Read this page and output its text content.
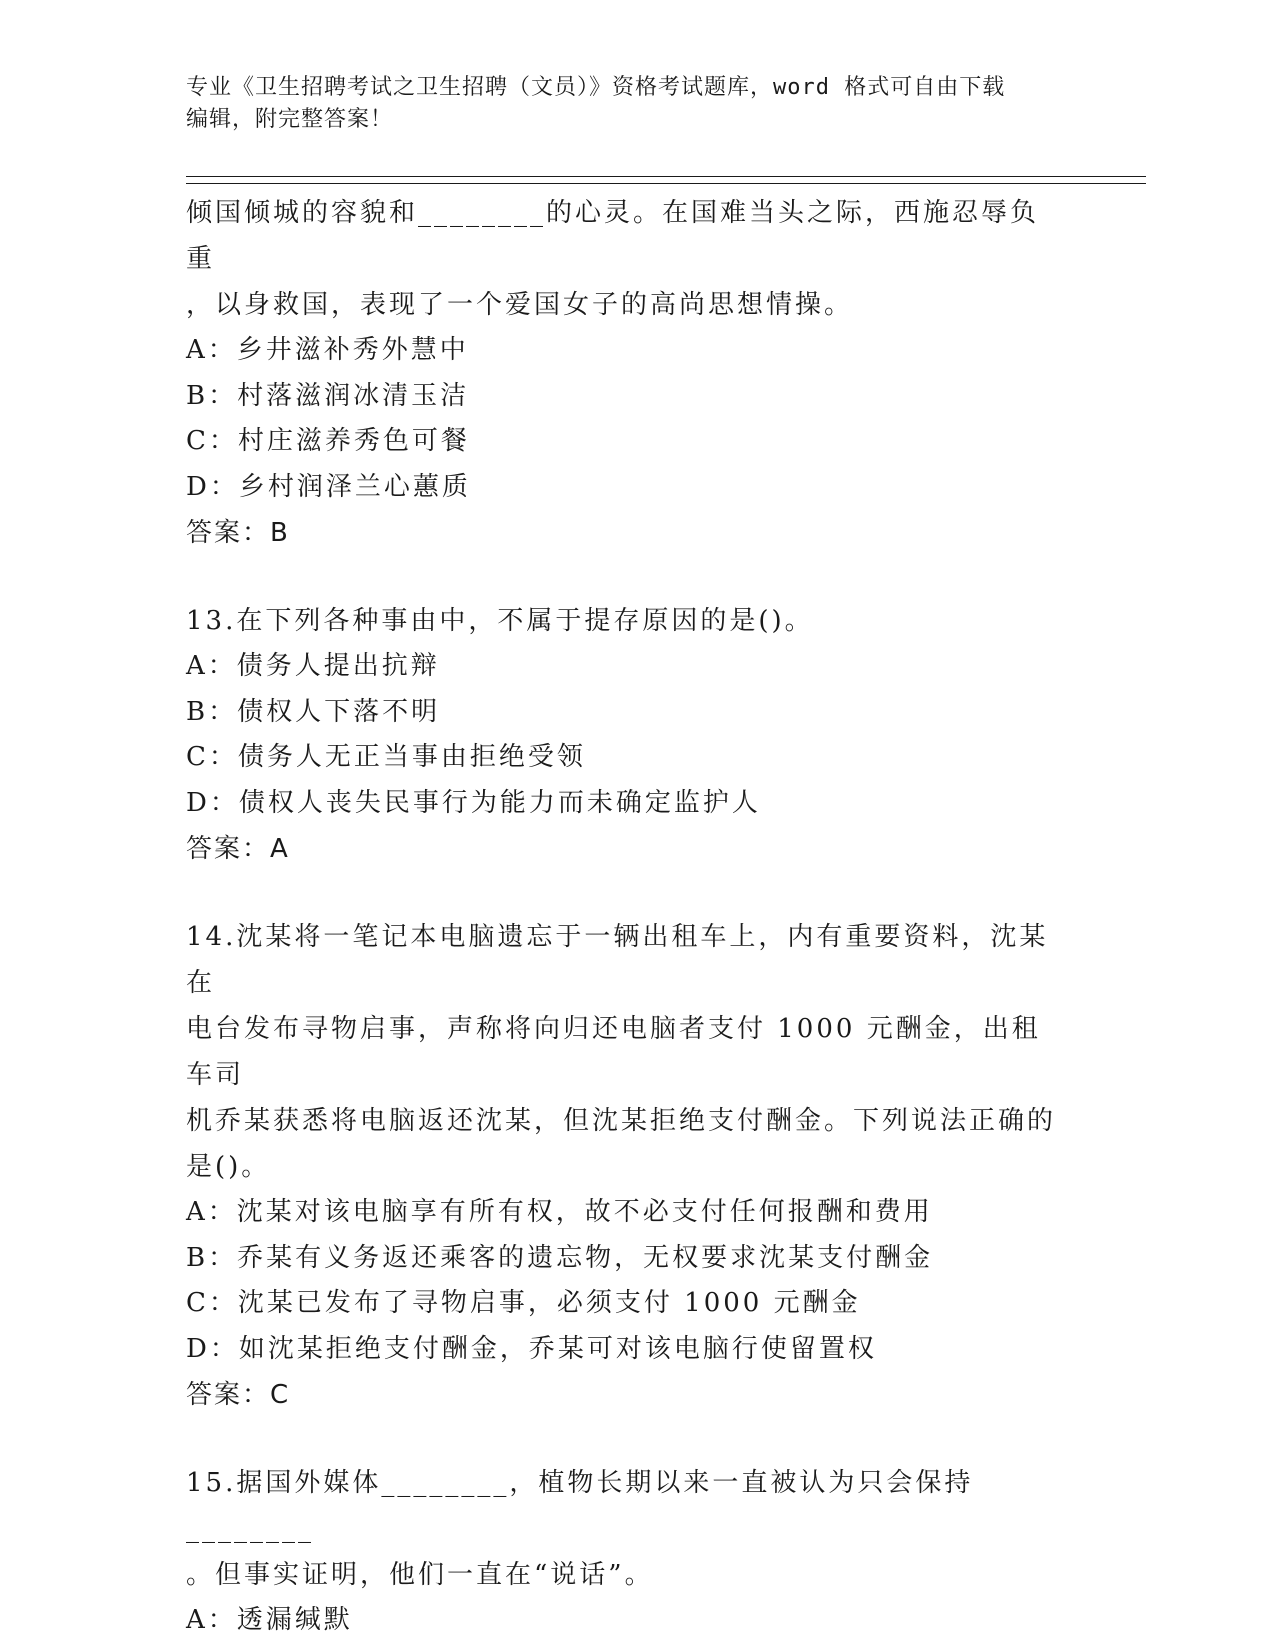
专业《卫生招聘考试之卫生招聘（文员）》资格考试题库，word 格式可自由下载
编辑，附完整答案！

倾国倾城的容貌和________的心灵。在国难当头之际，西施忍辱负重

，以身救国，表现了一个爱国女子的高尚思想情操。

A：乡井滋补秀外慧中

B：村落滋润冰清玉洁

C：村庄滋养秀色可餐

D：乡村润泽兰心蕙质

答案：B

13.在下列各种事由中，不属于提存原因的是()。

A：债务人提出抗辩

B：债权人下落不明

C：债务人无正当事由拒绝受领

D：债权人丧失民事行为能力而未确定监护人

答案：A

14.沈某将一笔记本电脑遗忘于一辆出租车上，内有重要资料，沈某在

电台发布寻物启事，声称将向归还电脑者支付 1000 元酬金，出租车司

机乔某获悉将电脑返还沈某，但沈某拒绝支付酬金。下列说法正确的

是()。

A：沈某对该电脑享有所有权，故不必支付任何报酬和费用

B：乔某有义务返还乘客的遗忘物，无权要求沈某支付酬金

C：沈某已发布了寻物启事，必须支付 1000 元酬金

D：如沈某拒绝支付酬金，乔某可对该电脑行使留置权

答案：C

15.据国外媒体________，植物长期以来一直被认为只会保持________

。但事实证明，他们一直在“说话”。

A：透漏缄默
